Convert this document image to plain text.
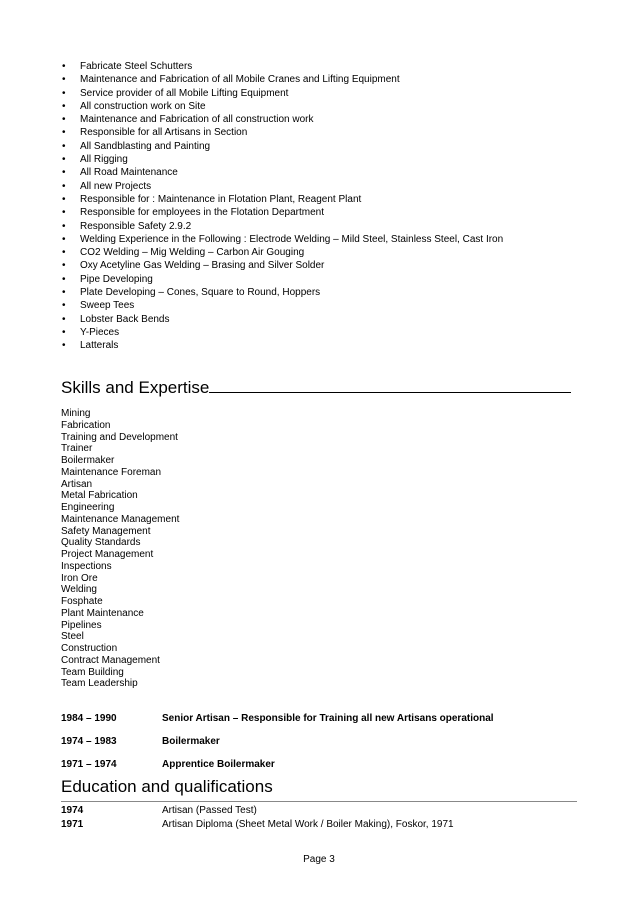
• Fabricate Steel Schutters
• Maintenance and Fabrication of all Mobile Cranes and Lifting Equipment
• Service provider of all Mobile Lifting Equipment
• All construction work on Site
• Maintenance and Fabrication of all construction work
• Responsible for all Artisans in Section
• All Sandblasting and Painting
• All Rigging
• All Road Maintenance
• All new Projects
• Responsible for : Maintenance in Flotation Plant, Reagent Plant
• Responsible for employees in the Flotation Department
• Responsible Safety 2.9.2
• Welding Experience in the Following : Electrode Welding – Mild Steel, Stainless Steel, Cast Iron
• CO2 Welding – Mig Welding – Carbon Air Gouging
• Oxy Acetyline Gas Welding – Brasing and Silver Solder
• Pipe Developing
• Plate Developing – Cones, Square to Round, Hoppers
• Sweep Tees
• Lobster Back Bends
• Y-Pieces
• Latterals
Skills and Expertise
Mining
Fabrication
Training and Development
Trainer
Boilermaker
Maintenance Foreman
Artisan
Metal Fabrication
Engineering
Maintenance Management
Safety Management
Quality Standards
Project Management
Inspections
Iron Ore
Welding
Fosphate
Plant Maintenance
Pipelines
Steel
Construction
Contract Management
Team Building
Team Leadership
1984 – 1990	Senior Artisan – Responsible for Training all new Artisans operational
1974 – 1983	Boilermaker
1971 – 1974	Apprentice Boilermaker
Education and qualifications
1974	Artisan (Passed Test)
1971	Artisan Diploma (Sheet Metal Work / Boiler Making), Foskor, 1971
Page 3
